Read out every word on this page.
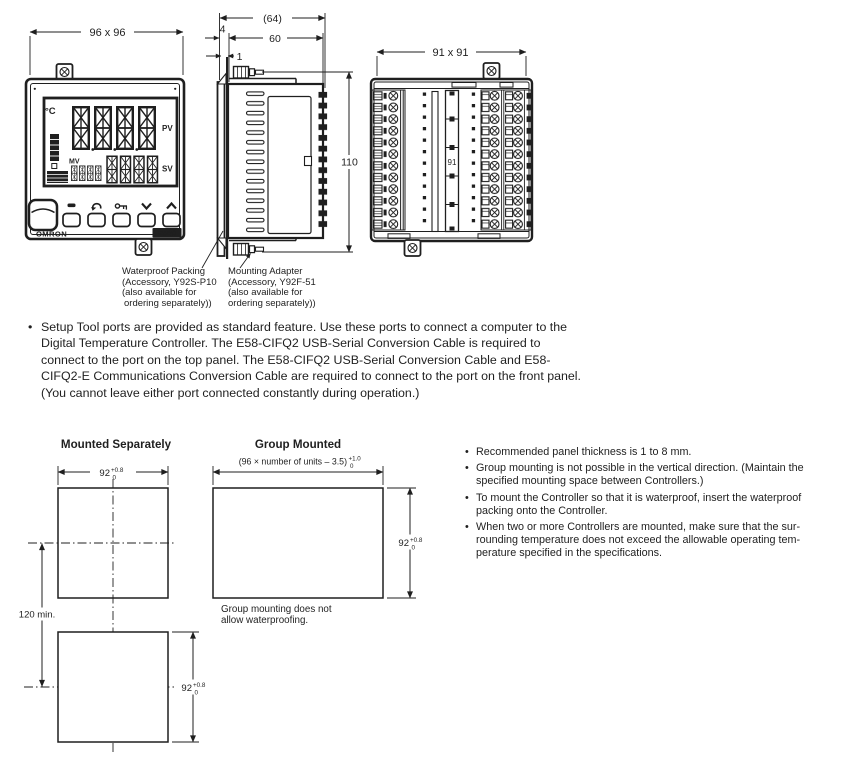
96 x 96
°C
PV
MV
SV
OMRON	E5AC
(64)
60
4
1
110
91 x 91
91
92 +0.8
0
120 min.
92 +0.8
0
(96 × number of units – 3.5) +1.0
0
92 +0.8
0
Waterproof Packing
(Accessory, Y92S-P10
(also available for
ordering separately))
Mounting Adapter
(Accessory, Y92F-51
(also available for
ordering separately))
• Setup Tool ports are provided as standard feature. Use these ports to connect a computer to the
Digital Temperature Controller. The E58-CIFQ2 USB-Serial Conversion Cable is required to
connect to the port on the top panel. The E58-CIFQ2 USB-Serial Conversion Cable and E58-
CIFQ2-E Communications Conversion Cable are required to connect to the port on the front panel.
(You cannot leave either port connected constantly during operation.)
Mounted Separately	Group Mounted
Group mounting does not
allow waterproofing.
• Recommended panel thickness is 1 to 8 mm.
• Group mounting is not possible in the vertical direction. (Maintain the
specified mounting space between Controllers.)
• To mount the Controller so that it is waterproof, insert the waterproof
packing onto the Controller.
• When two or more Controllers are mounted, make sure that the sur-
rounding temperature does not exceed the allowable operating tem-
perature specified in the specifications.
